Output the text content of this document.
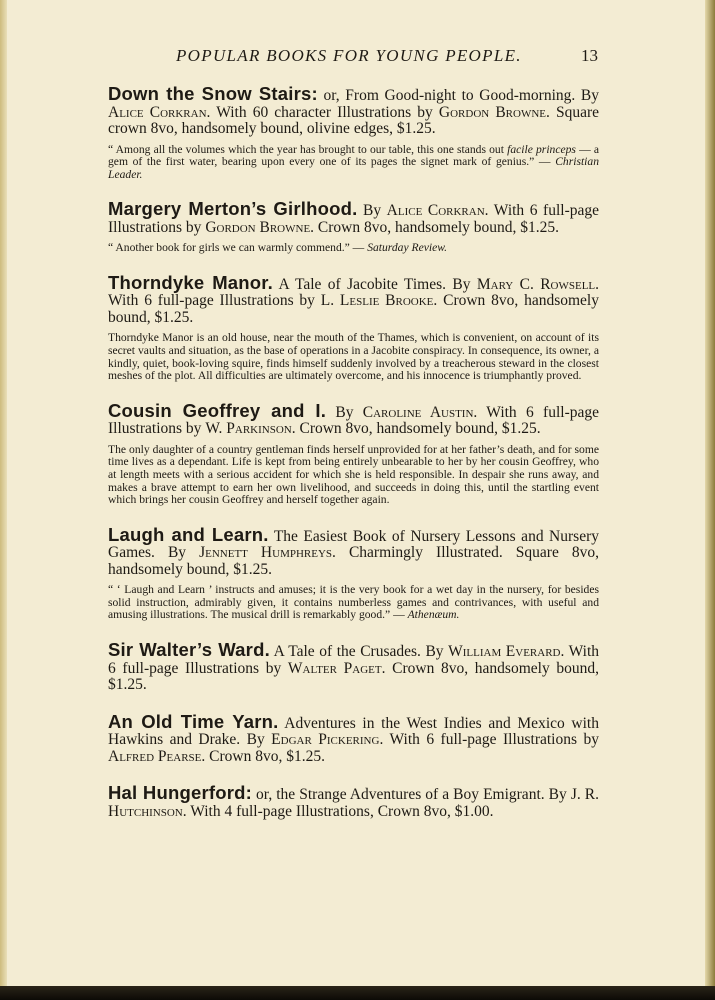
POPULAR BOOKS FOR YOUNG PEOPLE.	13

Down the Snow Stairs: or, From Good-night to Good-morning. By Alice Corkran. With 60 character Illustrations by Gordon Browne. Square crown 8vo, handsomely bound, olivine edges, $1.25.

“ Among all the volumes which the year has brought to our table, this one stands out facile princeps — a gem of the first water, bearing upon every one of its pages the signet mark of genius.” — Christian Leader.

Margery Merton’s Girlhood. By Alice Corkran. With 6 full-page Illustrations by Gordon Browne. Crown 8vo, handsomely bound, $1.25.

“ Another book for girls we can warmly commend.” — Saturday Review.

Thorndyke Manor. A Tale of Jacobite Times. By Mary C. Rowsell. With 6 full-page Illustrations by L. Leslie Brooke. Crown 8vo, handsomely bound, $1.25.

Thorndyke Manor is an old house, near the mouth of the Thames, which is convenient, on account of its secret vaults and situation, as the base of operations in a Jacobite conspiracy. In consequence, its owner, a kindly, quiet, book-loving squire, finds himself suddenly involved by a treacherous steward in the closest meshes of the plot. All difficulties are ultimately overcome, and his innocence is triumphantly proved.

Cousin Geoffrey and I. By Caroline Austin. With 6 full-page Illustrations by W. Parkinson. Crown 8vo, handsomely bound, $1.25.

The only daughter of a country gentleman finds herself unprovided for at her father’s death, and for some time lives as a dependant. Life is kept from being entirely unbearable to her by her cousin Geoffrey, who at length meets with a serious accident for which she is held responsible. In despair she runs away, and makes a brave attempt to earn her own livelihood, and succeeds in doing this, until the startling event which brings her cousin Geoffrey and herself together again.

Laugh and Learn. The Easiest Book of Nursery Lessons and Nursery Games. By Jennett Humphreys. Charmingly Illustrated. Square 8vo, handsomely bound, $1.25.

“ ‘ Laugh and Learn ’ instructs and amuses; it is the very book for a wet day in the nursery, for besides solid instruction, admirably given, it contains numberless games and contrivances, with useful and amusing illustrations. The musical drill is remarkably good.” — Athenæum.

Sir Walter’s Ward. A Tale of the Crusades. By William Everard. With 6 full-page Illustrations by Walter Paget. Crown 8vo, handsomely bound, $1.25.

An Old Time Yarn. Adventures in the West Indies and Mexico with Hawkins and Drake. By Edgar Pickering. With 6 full-page Illustrations by Alfred Pearse. Crown 8vo, $1.25.

Hal Hungerford: or, the Strange Adventures of a Boy Emigrant. By J. R. Hutchinson. With 4 full-page Illustrations, Crown 8vo, $1.00.
